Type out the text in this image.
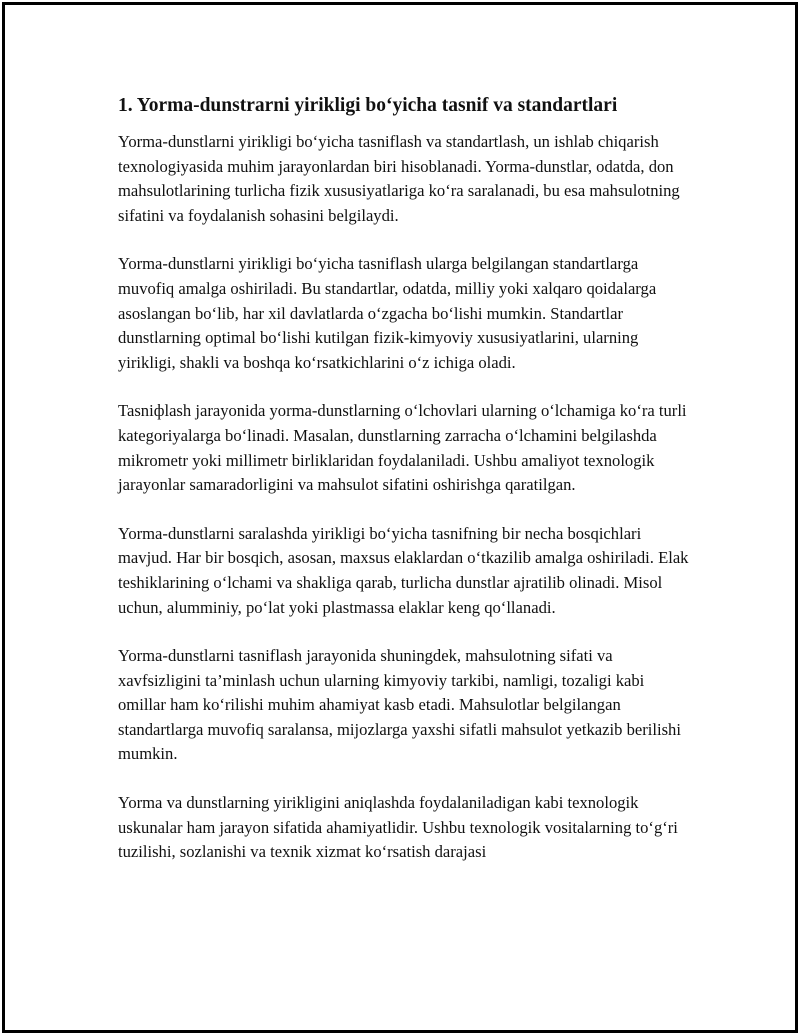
1. Yorma-dunstrarni yirikligi bo‘yicha tasnif va standartlari

Yorma-dunstlarni yirikligi bo‘yicha tasniflash va standartlash, un ishlab chiqarish texnologiyasida muhim jarayonlardan biri hisoblanadi. Yorma-dunstlar, odatda, don mahsulotlarining turlicha fizik xususiyatlariga ko‘ra saralanadi, bu esa mahsulotning sifatini va foydalanish sohasini belgilaydi.

Yorma-dunstlarni yirikligi bo‘yicha tasniflash ularga belgilangan standartlarga muvofiq amalga oshiriladi. Bu standartlar, odatda, milliy yoki xalqaro qoidalarga asoslangan bo‘lib, har xil davlatlarda o‘zgacha bo‘lishi mumkin. Standartlar dunstlarning optimal bo‘lishi kutilgan fizik-kimyoviy xususiyatlarini, ularning yirikligi, shakli va boshqa ko‘rsatkichlarini o‘z ichiga oladi.

Tasniфlash jarayonida yorma-dunstlarning o‘lchovlari ularning o‘lchamiga ko‘ra turli kategoriyalarga bo‘linadi. Masalan, dunstlarning zarracha o‘lchamini belgilashda mikrometr yoki millimetr birliklaridan foydalaniladi. Ushbu amaliyot texnologik jarayonlar samaradorligini va mahsulot sifatini oshirishga qaratilgan.

Yorma-dunstlarni saralashda yirikligi bo‘yicha tasnifning bir necha bosqichlari mavjud. Har bir bosqich, asosan, maxsus elaklardan o‘tkazilib amalga oshiriladi. Elak teshiklarining o‘lchami va shakliga qarab, turlicha dunstlar ajratilib olinadi. Misol uchun, alumminiy, po‘lat yoki plastmassa elaklar keng qo‘llanadi.

Yorma-dunstlarni tasniflash jarayonida shuningdek, mahsulotning sifati va xavfsizligini ta’minlash uchun ularning kimyoviy tarkibi, namligi, tozaligi kabi omillar ham ko‘rilishi muhim ahamiyat kasb etadi. Mahsulotlar belgilangan standartlarga muvofiq saralansa, mijozlarga yaxshi sifatli mahsulot yetkazib berilishi mumkin.

Yorma va dunstlarning yirikligini aniqlashda foydalaniladigan kabi texnologik uskunalar ham jarayon sifatida ahamiyatlidir. Ushbu texnologik vositalarning to‘g‘ri tuzilishi, sozlanishi va texnik xizmat ko‘rsatish darajasi
